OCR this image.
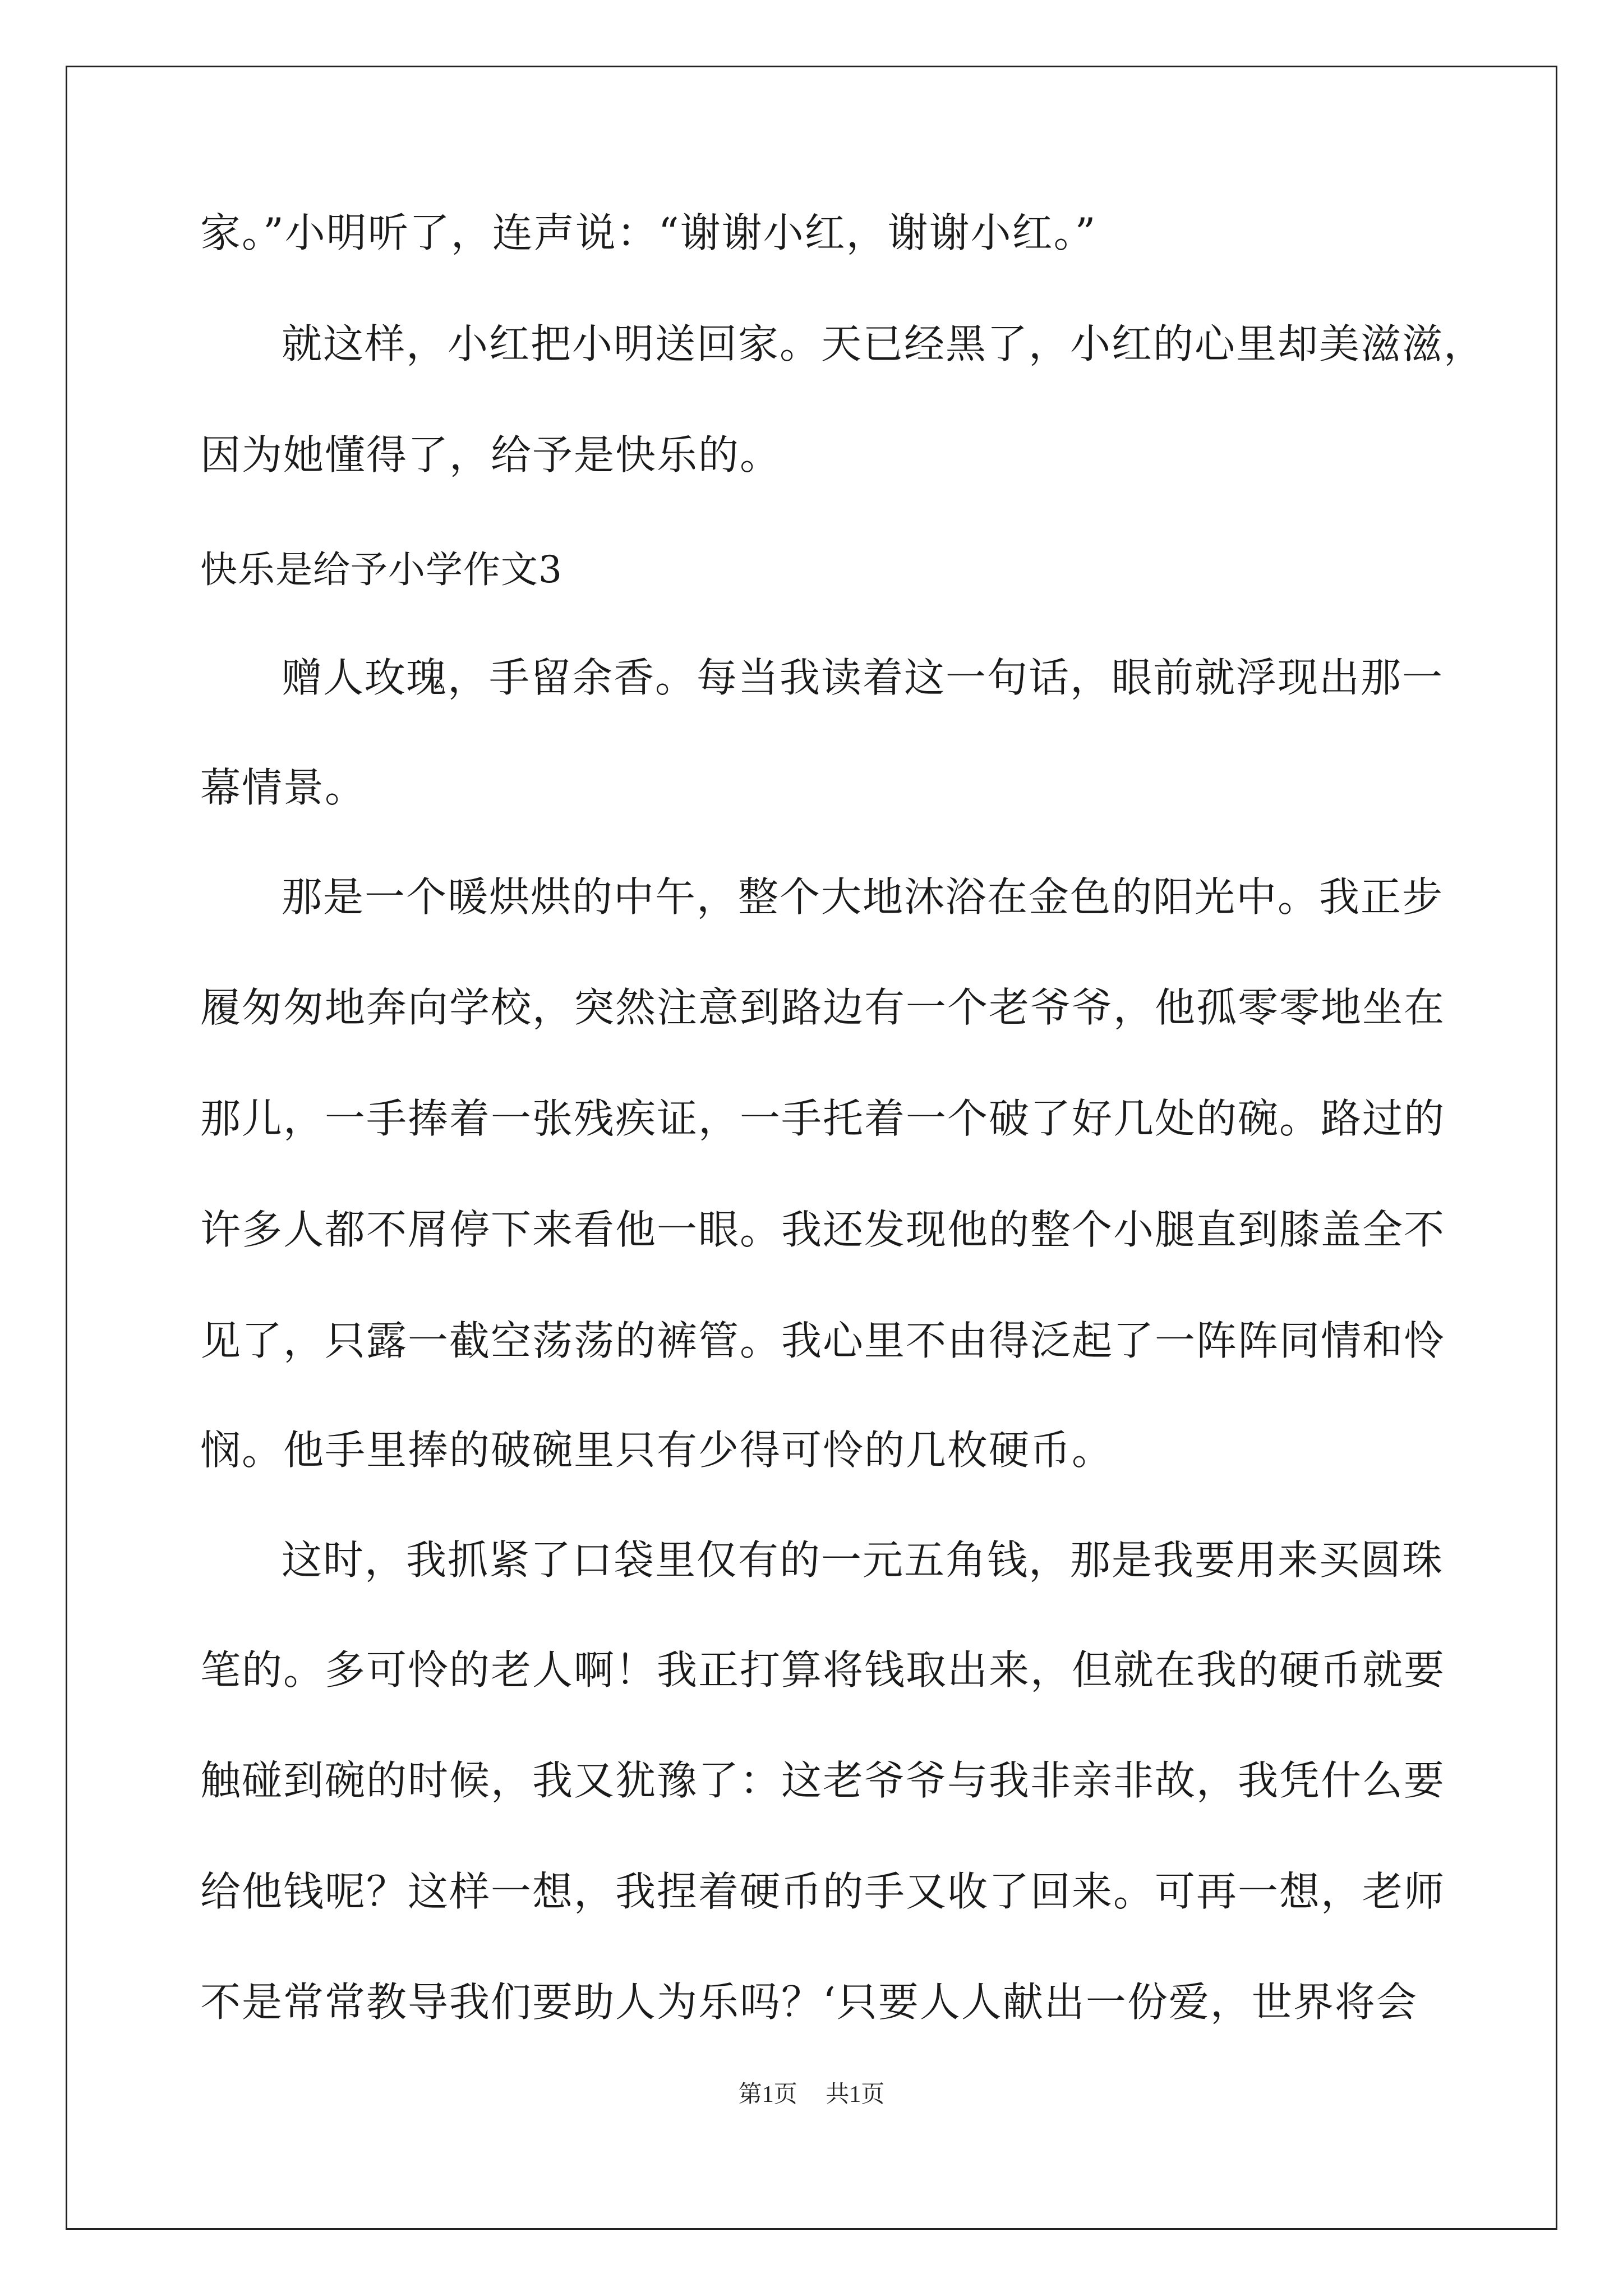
家。”小明听了，连声说：“谢谢小红，谢谢小红。”
就这样，小红把小明送回家。天已经黑了，小红的心里却美滋滋，
因为她懂得了，给予是快乐的。
快乐是给予小学作文3
赠人玫瑰，手留余香。每当我读着这一句话，眼前就浮现出那一
幕情景。
那是一个暖烘烘的中午，整个大地沐浴在金色的阳光中。我正步
履匆匆地奔向学校，突然注意到路边有一个老爷爷，他孤零零地坐在
那儿，一手捧着一张残疾证，一手托着一个破了好几处的碗。路过的
许多人都不屑停下来看他一眼。我还发现他的整个小腿直到膝盖全不
见了，只露一截空荡荡的裤管。我心里不由得泛起了一阵阵同情和怜
悯。他手里捧的破碗里只有少得可怜的几枚硬币。
这时，我抓紧了口袋里仅有的一元五角钱，那是我要用来买圆珠
笔的。多可怜的老人啊！我正打算将钱取出来，但就在我的硬币就要
触碰到碗的时候，我又犹豫了：这老爷爷与我非亲非故，我凭什么要
给他钱呢？这样一想，我捏着硬币的手又收了回来。可再一想，老师
不是常常教导我们要助人为乐吗？‘只要人人献出一份爱，世界将会
第1页 共1页
